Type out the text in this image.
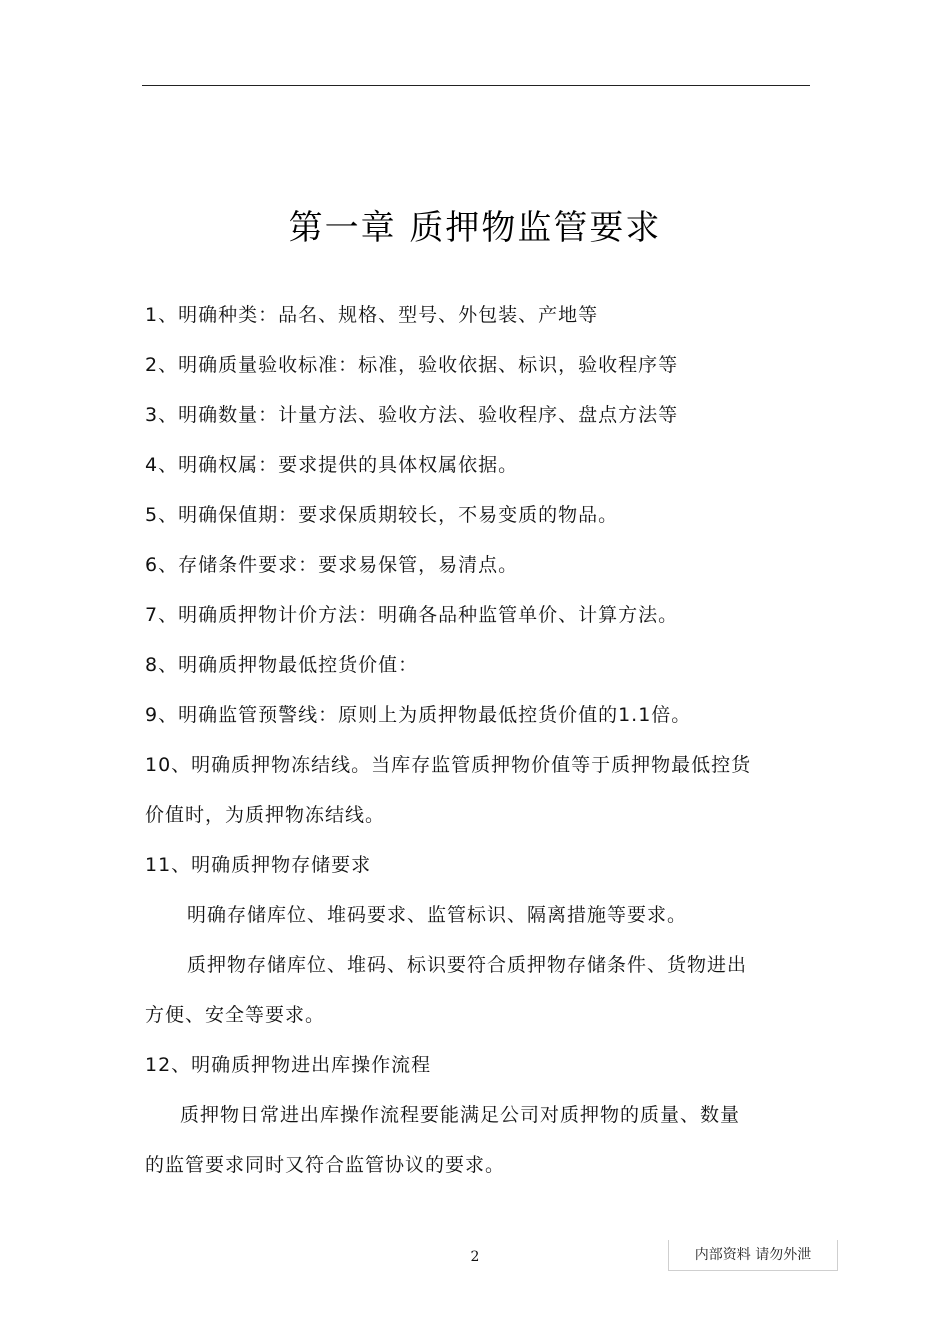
第一章 质押物监管要求
1、明确种类：品名、规格、型号、外包装、产地等
2、明确质量验收标准：标准，验收依据、标识，验收程序等
3、明确数量：计量方法、验收方法、验收程序、盘点方法等
4、明确权属：要求提供的具体权属依据。
5、明确保值期：要求保质期较长，不易变质的物品。
6、存储条件要求：要求易保管，易清点。
7、明确质押物计价方法：明确各品种监管单价、计算方法。
8、明确质押物最低控货价值：
9、明确监管预警线：原则上为质押物最低控货价值的1.1倍。
10、明确质押物冻结线。当库存监管质押物价值等于质押物最低控货
价值时，为质押物冻结线。
11、明确质押物存储要求
明确存储库位、堆码要求、监管标识、隔离措施等要求。
质押物存储库位、堆码、标识要符合质押物存储条件、货物进出
方便、安全等要求。
12、明确质押物进出库操作流程
质押物日常进出库操作流程要能满足公司对质押物的质量、数量
的监管要求同时又符合监管协议的要求。
2	内部资料 请勿外泄
